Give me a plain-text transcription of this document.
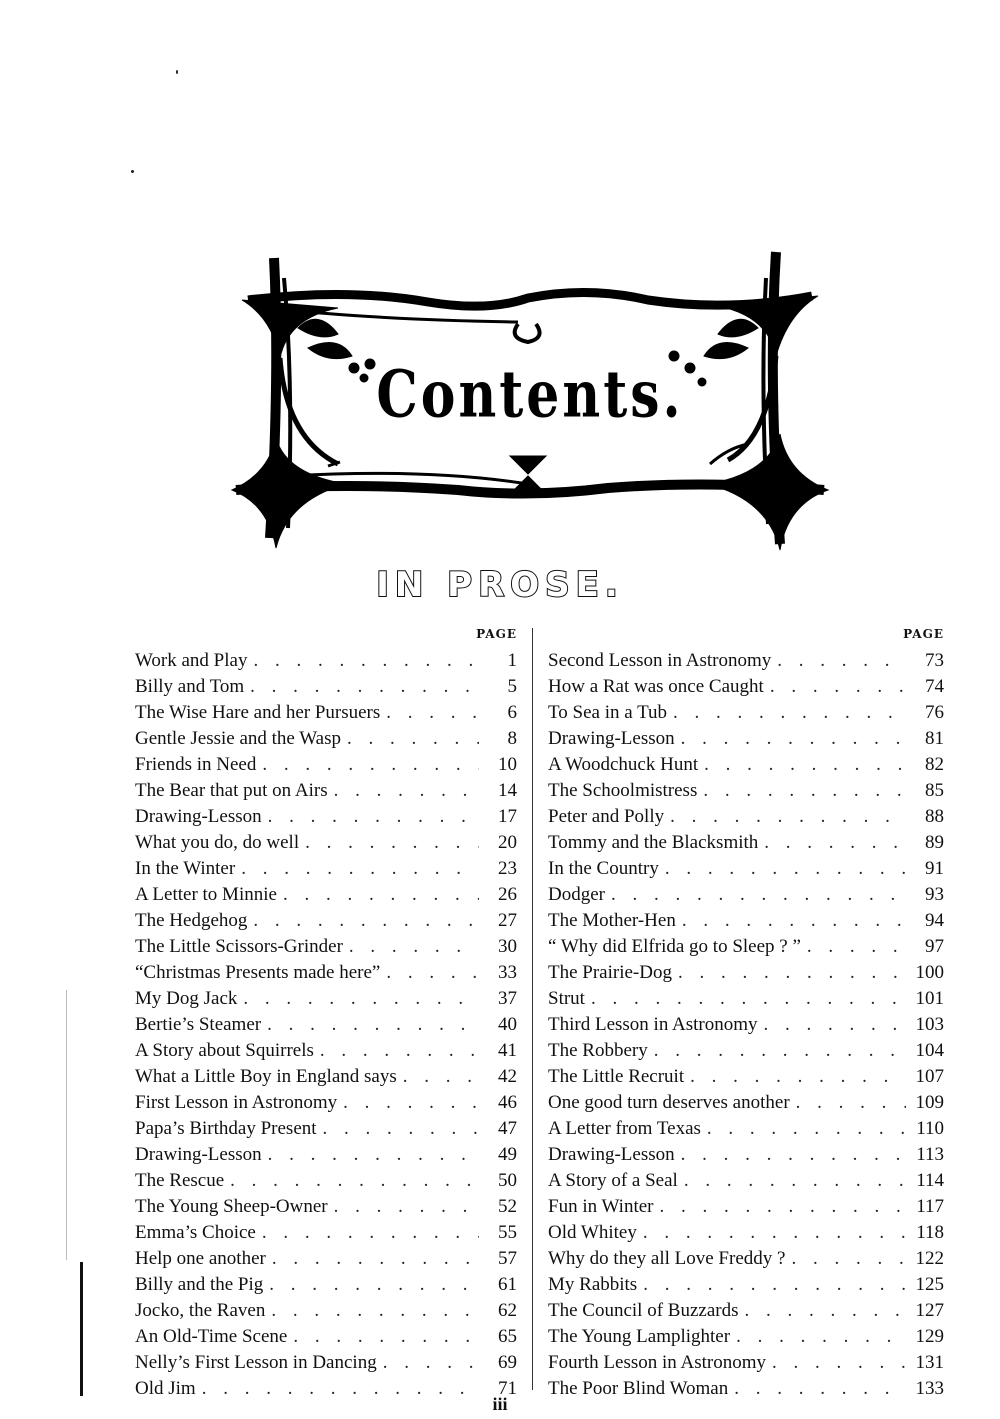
Contents.
IN PROSE.
PAGE
Work and Play . . .	1
Billy and Tom . . .	5
The Wise Hare and her Pursuers . . .	6
Gentle Jessie and the Wasp . . .	8
Friends in Need . . .	10
The Bear that put on Airs . . .	14
Drawing-Lesson . . .	17
What you do, do well . . .	20
In the Winter . . .	23
A Letter to Minnie . . .	26
The Hedgehog . . .	27
The Little Scissors-Grinder . . .	30
“Christmas Presents made here” . . .	33
My Dog Jack . . .	37
Bertie’s Steamer . . .	40
A Story about Squirrels . . .	41
What a Little Boy in England says . . .	42
First Lesson in Astronomy . . .	46
Papa’s Birthday Present . . .	47
Drawing-Lesson . . .	49
The Rescue . . .	50
The Young Sheep-Owner . . .	52
Emma’s Choice . . .	55
Help one another . . .	57
Billy and the Pig . . .	61
Jocko, the Raven . . .	62
An Old-Time Scene . . .	65
Nelly’s First Lesson in Dancing . . .	69
Old Jim . . .	71
PAGE
Second Lesson in Astronomy . . .	73
How a Rat was once Caught . . .	74
To Sea in a Tub . . .	76
Drawing-Lesson . . .	81
A Woodchuck Hunt . . .	82
The Schoolmistress . . .	85
Peter and Polly . . .	88
Tommy and the Blacksmith . . .	89
In the Country . . .	91
Dodger . . .	93
The Mother-Hen . . .	94
“ Why did Elfrida go to Sleep ? ” . . .	97
The Prairie-Dog . . .	100
Strut . . .	101
Third Lesson in Astronomy . . .	103
The Robbery . . .	104
The Little Recruit . . .	107
One good turn deserves another . . .	109
A Letter from Texas . . .	110
Drawing-Lesson . . .	113
A Story of a Seal . . .	114
Fun in Winter . . .	117
Old Whitey . . .	118
Why do they all Love Freddy ? . . .	122
My Rabbits . . .	125
The Council of Buzzards . . .	127
The Young Lamplighter . . .	129
Fourth Lesson in Astronomy . . .	131
The Poor Blind Woman . . .	133
iii
